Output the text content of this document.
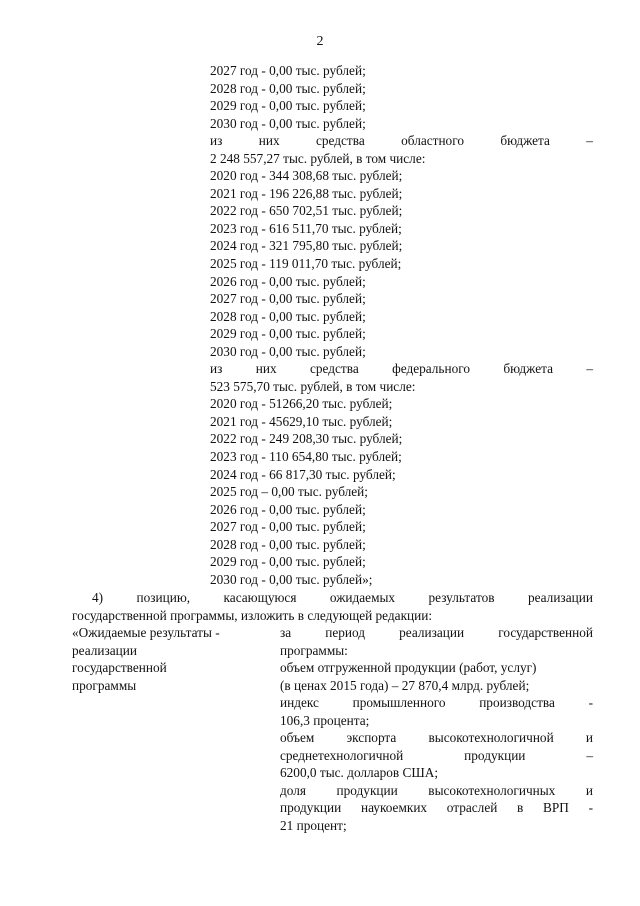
2
2027 год - 0,00 тыс. рублей;
2028 год - 0,00 тыс. рублей;
2029 год - 0,00 тыс. рублей;
2030 год - 0,00 тыс. рублей;
из	них	средства	областного	бюджета	–
2 248 557,27 тыс. рублей, в том числе:
2020 год - 344 308,68 тыс. рублей;
2021 год - 196 226,88 тыс. рублей;
2022 год - 650 702,51 тыс. рублей;
2023 год - 616 511,70 тыс. рублей;
2024 год - 321 795,80 тыс. рублей;
2025 год - 119 011,70 тыс. рублей;
2026 год - 0,00 тыс. рублей;
2027 год - 0,00 тыс. рублей;
2028 год - 0,00 тыс. рублей;
2029 год - 0,00 тыс. рублей;
2030 год - 0,00 тыс. рублей;
из	них	средства	федерального	бюджета	–
523 575,70 тыс. рублей, в том числе:
2020 год - 51266,20 тыс. рублей;
2021 год - 45629,10 тыс. рублей;
2022 год - 249 208,30 тыс. рублей;
2023 год - 110 654,80 тыс. рублей;
2024 год - 66 817,30 тыс. рублей;
2025 год – 0,00 тыс. рублей;
2026 год - 0,00 тыс. рублей;
2027 год - 0,00 тыс. рублей;
2028 год - 0,00 тыс. рублей;
2029 год - 0,00 тыс. рублей;
2030 год - 0,00 тыс. рублей»;
4)	позицию,	касающуюся	ожидаемых	результатов	реализации
государственной программы, изложить в следующей редакции:
«Ожидаемые результаты -
реализации
государственной
программы
за	период	реализации	государственной
программы:
объем отгруженной продукции (работ, услуг)
(в ценах 2015 года) – 27 870,4 млрд. рублей;
индекс	промышленного	производства	-
106,3 процента;
объем экспорта высокотехнологичной и
среднетехнологичной	продукции	–
6200,0 тыс. долларов США;
доля продукции высокотехнологичных и
продукции наукоемких отраслей в ВРП -
21 процент;
